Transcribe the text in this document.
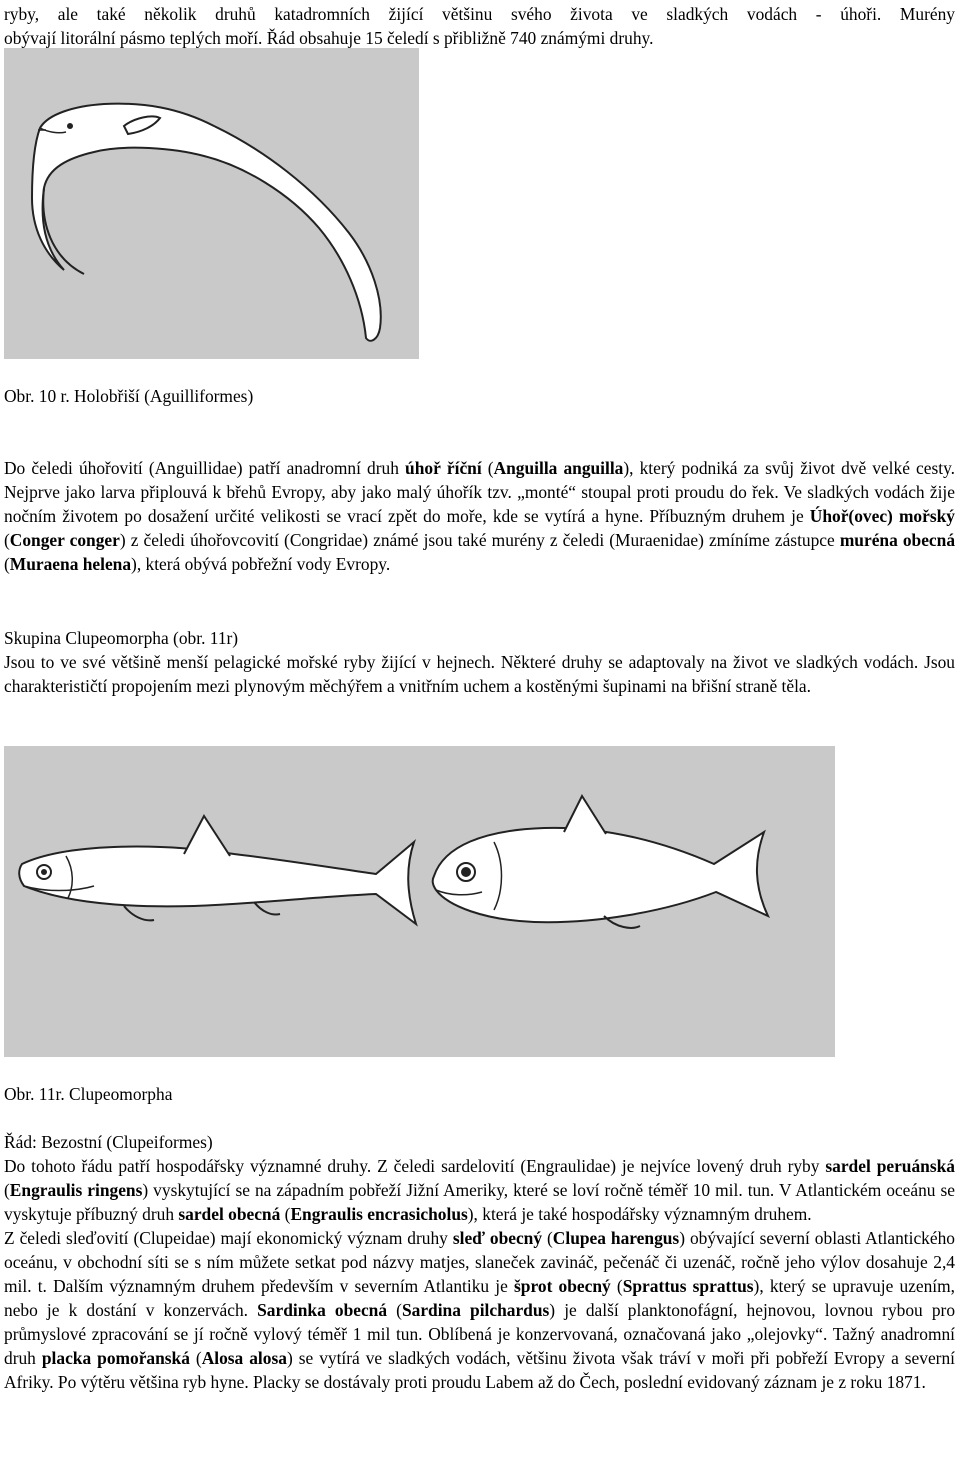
ryby, ale také několik druhů katadromních žijící většinu svého života ve sladkých vodách - úhoři. Murény

obývají litorální pásmo teplých moří. Řád obsahuje 15 čeledí s přibližně 740 známými druhy.

Obr. 10 r. Holobřiší (Aguilliformes)

Do čeledi úhořovití (Anguillidae) patří anadromní druh úhoř říční (Anguilla anguilla), který podniká za svůj život dvě velké cesty. Nejprve jako larva připlouvá k břehů Evropy, aby jako malý úhořík tzv. „monté“ stoupal proti proudu do řek. Ve sladkých vodách žije nočním životem po dosažení určité velikosti se vrací zpět do moře, kde se vytírá a hyne. Příbuzným druhem je Úhoř(ovec) mořský (Conger conger) z čeledi úhořovcovití (Congridae) známé jsou také murény z čeledi (Muraenidae) zmíníme zástupce muréna obecná (Muraena helena), která obývá pobřežní vody Evropy.

Skupina Clupeomorpha (obr. 11r)

Jsou to ve své většině menší pelagické mořské ryby žijící v hejnech. Některé druhy se adaptovaly na život ve sladkých vodách. Jsou charakterističtí propojením mezi plynovým měchýřem a vnitřním uchem a kostěnými šupinami na břišní straně těla.

Obr. 11r. Clupeomorpha

Řád: Bezostní (Clupeiformes)

Do tohoto řádu patří hospodářsky významné druhy. Z čeledi sardelovití (Engraulidae) je nejvíce lovený druh ryby sardel peruánská (Engraulis ringens) vyskytující se na západním pobřeží Jižní Ameriky, které se loví ročně téměř 10 mil. tun. V Atlantickém oceánu se vyskytuje příbuzný druh sardel obecná (Engraulis encrasicholus), která je také hospodářsky významným druhem.

Z čeledi sleďovití (Clupeidae) mají ekonomický význam druhy sleď obecný (Clupea harengus) obývající severní oblasti Atlantického oceánu, v obchodní síti se s ním můžete setkat pod názvy matjes, slaneček zavináč, pečenáč či uzenáč, ročně jeho výlov dosahuje 2,4 mil. t. Dalším významným druhem především v severním Atlantiku je šprot obecný (Sprattus sprattus), který se upravuje uzením, nebo je k dostání v konzervách. Sardinka obecná (Sardina pilchardus) je další planktonofágní, hejnovou, lovnou rybou pro průmyslové zpracování se jí ročně vylový téměř 1 mil tun. Oblíbená je konzervovaná, označovaná jako „olejovky“. Tažný anadromní druh placka pomořanská (Alosa alosa) se vytírá ve sladkých vodách, většinu života však tráví v moři při pobřeží Evropy a severní Afriky. Po výtěru většina ryb hyne. Placky se dostávaly proti proudu Labem až do Čech, poslední evidovaný záznam je z roku 1871.
